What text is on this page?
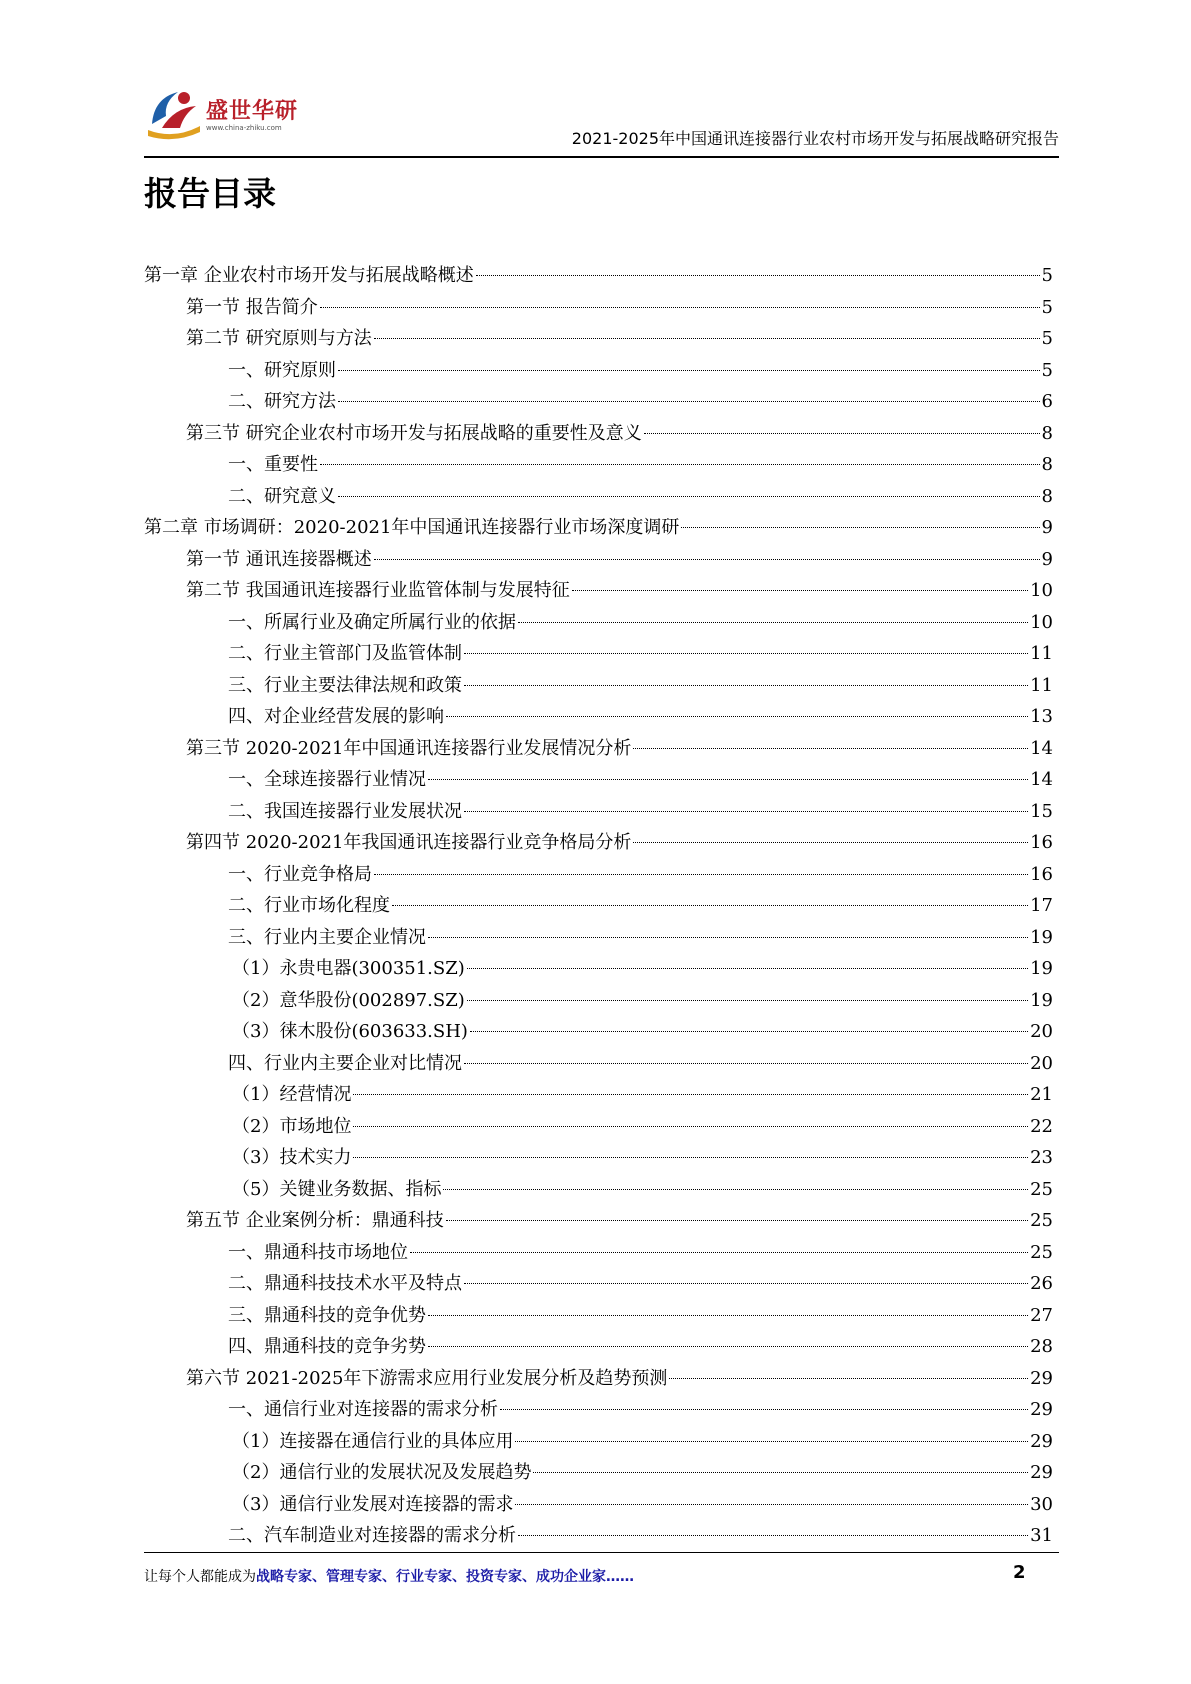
盛世华研
www.china-zhiku.com
2021-2025年中国通讯连接器行业农村市场开发与拓展战略研究报告
报告目录
第一章 企业农村市场开发与拓展战略概述	5
第一节 报告简介	5
第二节 研究原则与方法	5
一、研究原则	5
二、研究方法	6
第三节 研究企业农村市场开发与拓展战略的重要性及意义	8
一、重要性	8
二、研究意义	8
第二章 市场调研：2020-2021年中国通讯连接器行业市场深度调研	9
第一节 通讯连接器概述	9
第二节 我国通讯连接器行业监管体制与发展特征	10
一、所属行业及确定所属行业的依据	10
二、行业主管部门及监管体制	11
三、行业主要法律法规和政策	11
四、对企业经营发展的影响	13
第三节 2020-2021年中国通讯连接器行业发展情况分析	14
一、全球连接器行业情况	14
二、我国连接器行业发展状况	15
第四节 2020-2021年我国通讯连接器行业竞争格局分析	16
一、行业竞争格局	16
二、行业市场化程度	17
三、行业内主要企业情况	19
（1）永贵电器(300351.SZ)	19
（2）意华股份(002897.SZ)	19
（3）徕木股份(603633.SH)	20
四、行业内主要企业对比情况	20
（1）经营情况	21
（2）市场地位	22
（3）技术实力	23
（5）关键业务数据、指标	25
第五节 企业案例分析：鼎通科技	25
一、鼎通科技市场地位	25
二、鼎通科技技术水平及特点	26
三、鼎通科技的竞争优势	27
四、鼎通科技的竞争劣势	28
第六节 2021-2025年下游需求应用行业发展分析及趋势预测	29
一、通信行业对连接器的需求分析	29
（1）连接器在通信行业的具体应用	29
（2）通信行业的发展状况及发展趋势	29
（3）通信行业发展对连接器的需求	30
二、汽车制造业对连接器的需求分析	31
让每个人都能成为战略专家、管理专家、行业专家、投资专家、成功企业家……	2
